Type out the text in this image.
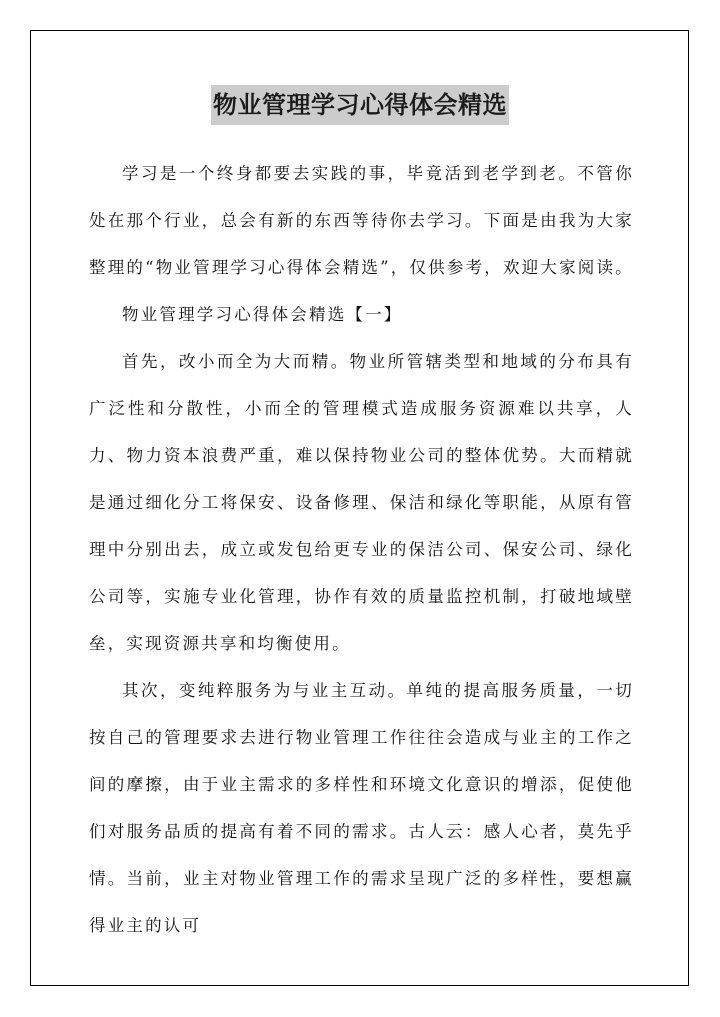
物业管理学习心得体会精选

学习是一个终身都要去实践的事，毕竟活到老学到老。不管你处在那个行业，总会有新的东西等待你去学习。下面是由我为大家整理的“物业管理学习心得体会精选”，仅供参考，欢迎大家阅读。

物业管理学习心得体会精选【一】

首先，改小而全为大而精。物业所管辖类型和地域的分布具有广泛性和分散性，小而全的管理模式造成服务资源难以共享，人力、物力资本浪费严重，难以保持物业公司的整体优势。大而精就是通过细化分工将保安、设备修理、保洁和绿化等职能，从原有管理中分别出去，成立或发包给更专业的保洁公司、保安公司、绿化公司等，实施专业化管理，协作有效的质量监控机制，打破地域壁垒，实现资源共享和均衡使用。

其次，变纯粹服务为与业主互动。单纯的提高服务质量，一切按自己的管理要求去进行物业管理工作往往会造成与业主的工作之间的摩擦，由于业主需求的多样性和环境文化意识的增添，促使他们对服务品质的提高有着不同的需求。古人云：感人心者，莫先乎情。当前，业主对物业管理工作的需求呈现广泛的多样性，要想赢得业主的认可
